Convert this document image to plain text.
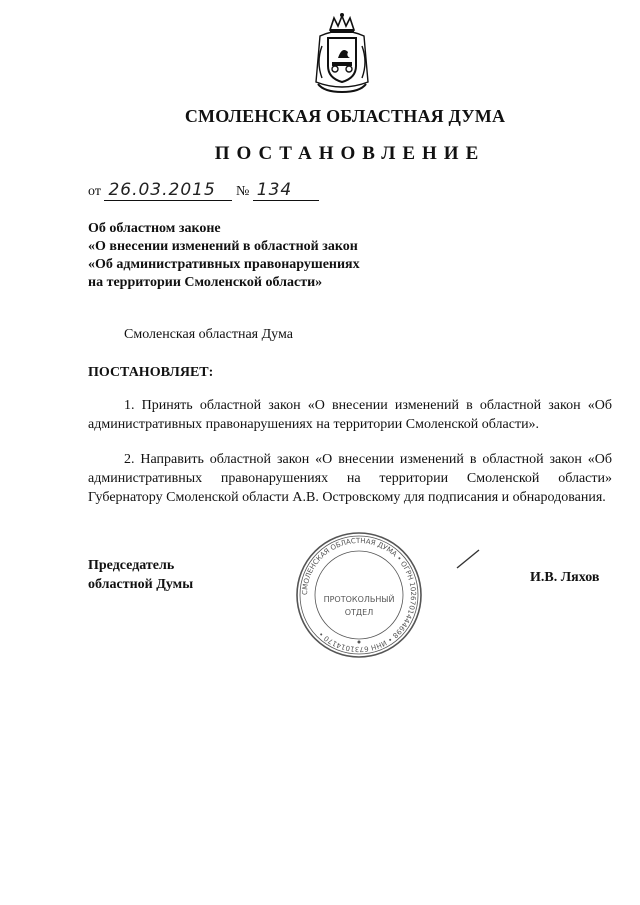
СМОЛЕНСКАЯ ОБЛАСТНАЯ ДУМА
ПОСТАНОВЛЕНИЕ
от 26.03.2015 № 134
Об областном законе
«О внесении изменений в областной закон
«Об административных правонарушениях
на территории Смоленской области»
Смоленская областная Дума
ПОСТАНОВЛЯЕТ:
1. Принять областной закон «О внесении изменений в областной закон «Об административных правонарушениях на территории Смоленской области».
2. Направить областной закон «О внесении изменений в областной закон «Об административных правонарушениях на территории Смоленской области» Губернатору Смоленской области А.В. Островскому для подписания и обнародования.
Председатель
областной Думы
СМОЛЕНСКАЯ ОБЛАСТНАЯ ДУМА • ОГРН 1026701444698 • ИНН 6731014170 •
ПРОТОКОЛЬНЫЙ
ОТДЕЛ
И.В. Ляхов
